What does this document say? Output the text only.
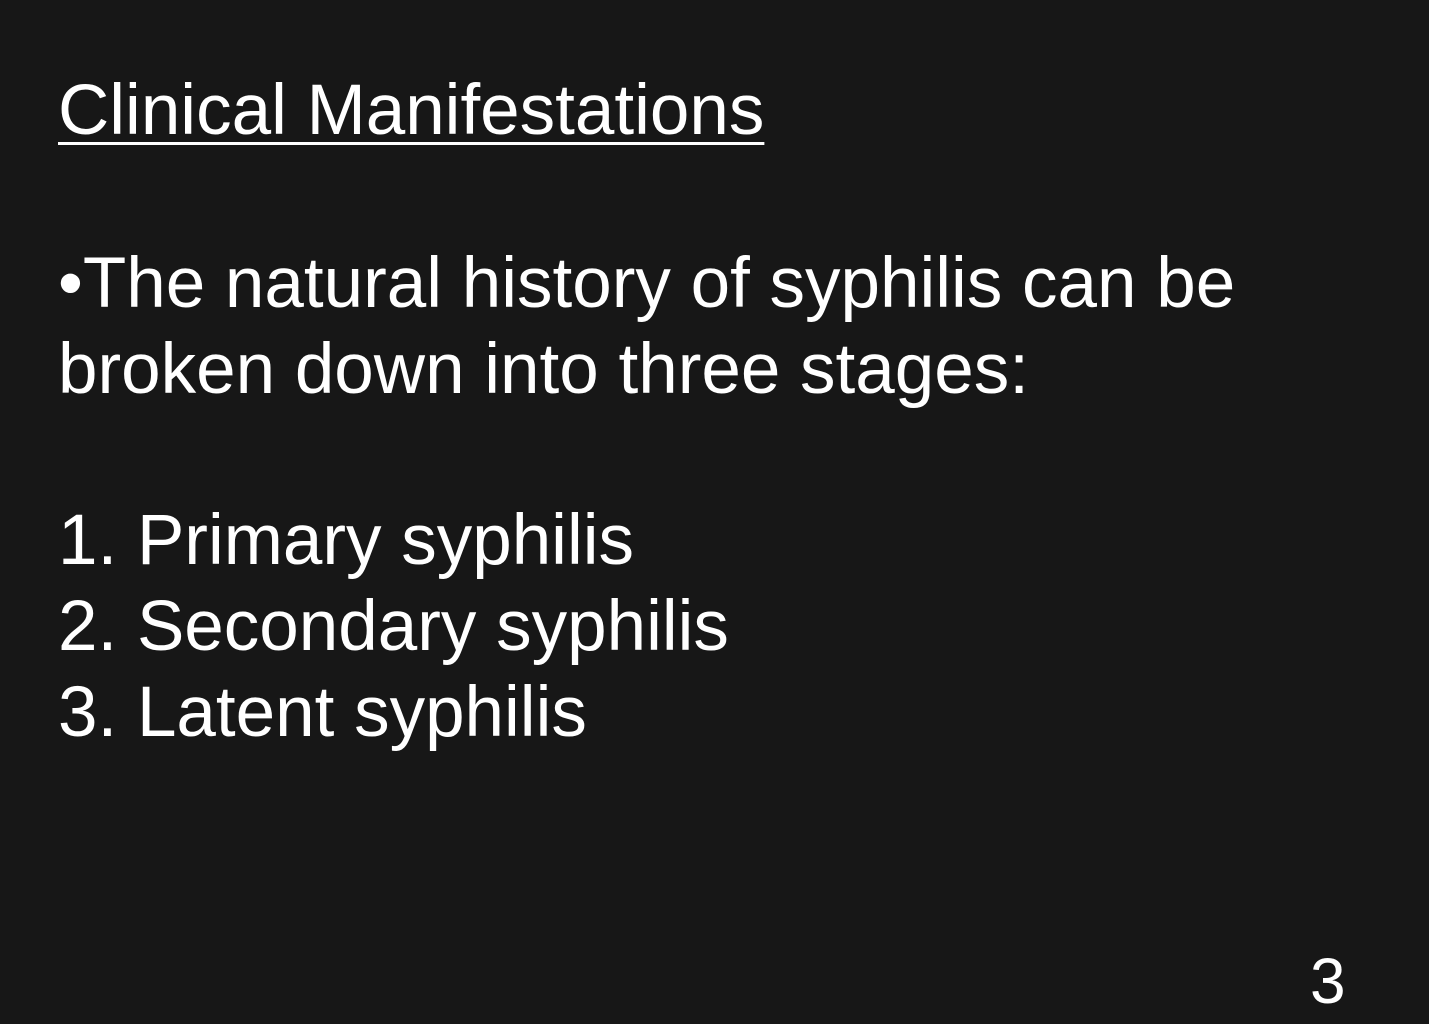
Clinical Manifestations

•The natural history of syphilis can be
broken down into three stages:

1. Primary syphilis
2. Secondary syphilis
3. Latent syphilis
3
